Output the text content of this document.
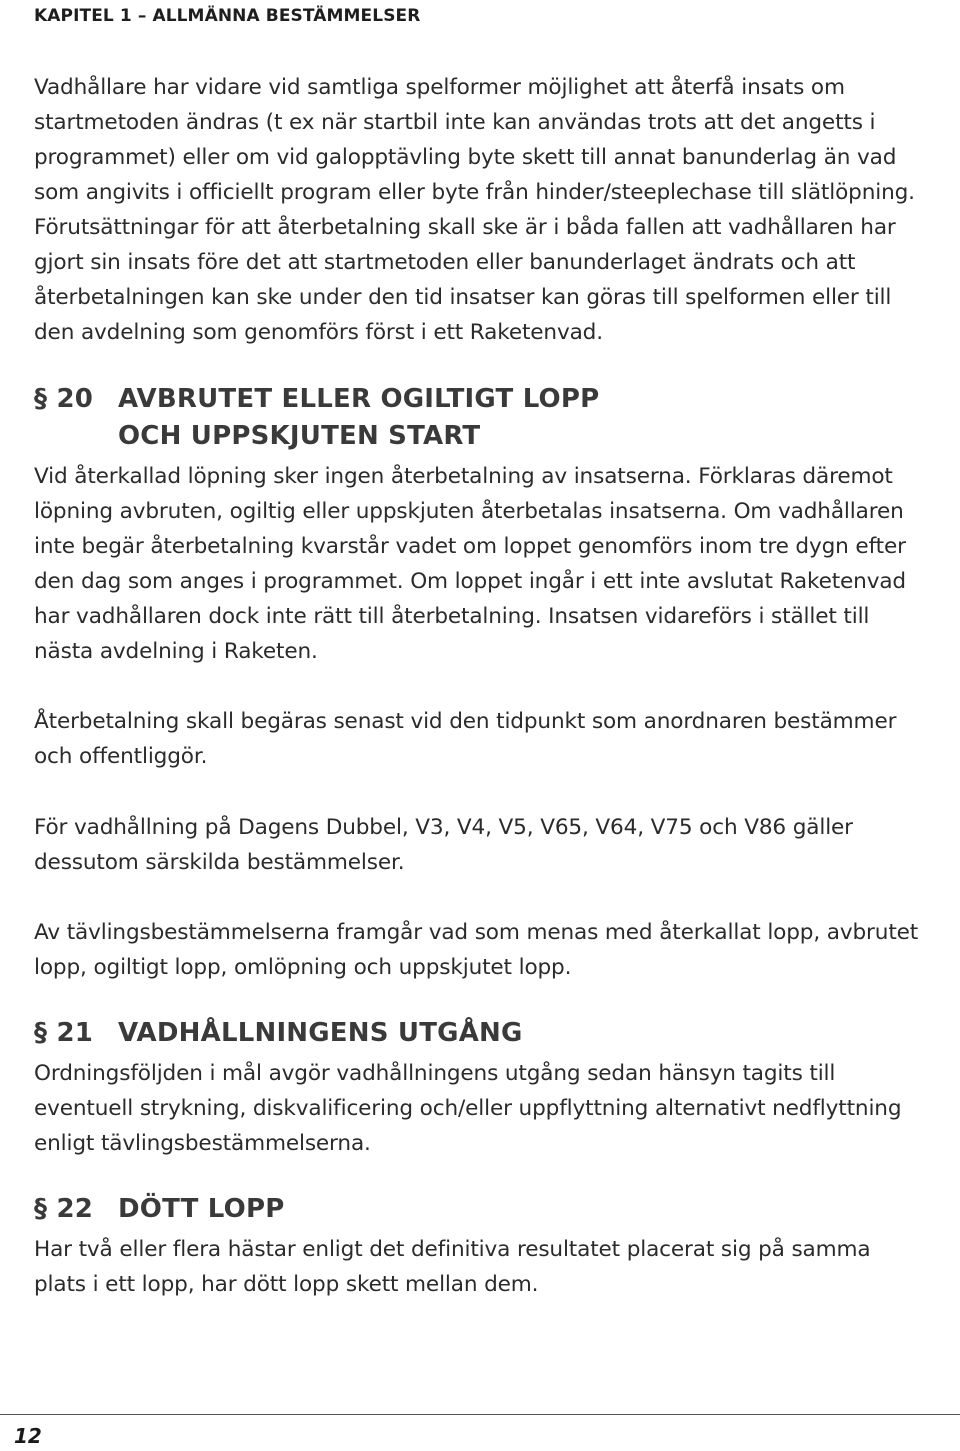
KAPITEL 1 – ALLMÄNNA BESTÄMMELSER

Vadhållare har vidare vid samtliga spelformer möjlighet att återfå insats om startmetoden ändras (t ex när startbil inte kan användas trots att det angetts i programmet) eller om vid galopptävling byte skett till annat banunderlag än vad som angivits i officiellt program eller byte från hinder/steeplechase till slätlöpning. Förutsättningar för att återbetalning skall ske är i båda fallen att vadhållaren har gjort sin insats före det att startmetoden eller banunderlaget ändrats och att återbetalningen kan ske under den tid insatser kan göras till spelformen eller till den avdelning som genomförs först i ett Raketenvad.

§ 20 AVBRUTET ELLER OGILTIGT LOPP
OCH UPPSKJUTEN START

Vid återkallad löpning sker ingen återbetalning av insatserna. Förklaras däremot löpning avbruten, ogiltig eller uppskjuten återbetalas insatserna. Om vadhållaren inte begär återbetalning kvarstår vadet om loppet genomförs inom tre dygn efter den dag som anges i programmet. Om loppet ingår i ett inte avslutat Raketenvad har vadhållaren dock inte rätt till återbetalning. Insatsen vidareförs i stället till nästa avdelning i Raketen.

Återbetalning skall begäras senast vid den tidpunkt som anordnaren bestämmer och offentliggör.

För vadhållning på Dagens Dubbel, V3, V4, V5, V65, V64, V75 och V86 gäller dessutom särskilda bestämmelser.

Av tävlingsbestämmelserna framgår vad som menas med återkallat lopp, avbrutet lopp, ogiltigt lopp, omlöpning och uppskjutet lopp.

§ 21 VADHÅLLNINGENS UTGÅNG

Ordningsföljden i mål avgör vadhållningens utgång sedan hänsyn tagits till eventuell strykning, diskvalificering och/eller uppflyttning alternativt nedflyttning enligt tävlingsbestämmelserna.

§ 22 DÖTT LOPP

Har två eller flera hästar enligt det definitiva resultatet placerat sig på samma plats i ett lopp, har dött lopp skett mellan dem.

12
